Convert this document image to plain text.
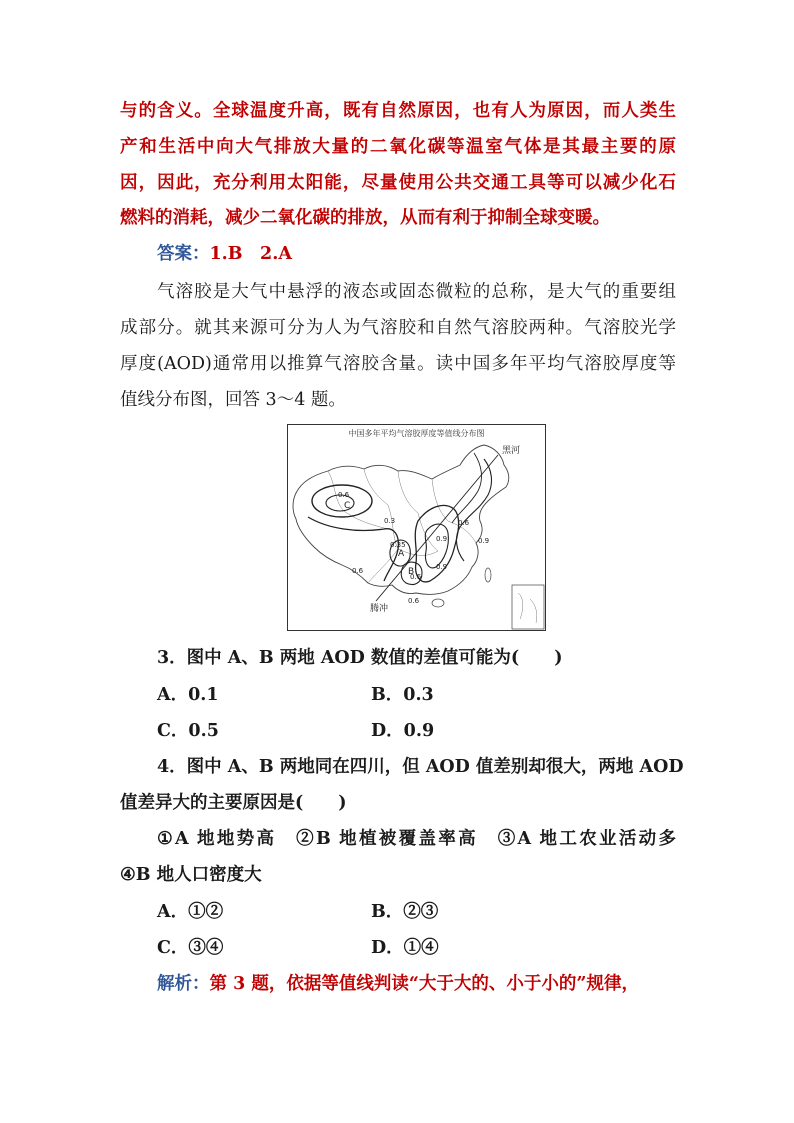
与的含义。全球温度升高，既有自然原因，也有人为原因，而人类生
产和生活中向大气排放大量的二氧化碳等温室气体是其最主要的原
因，因此，充分利用太阳能，尽量使用公共交通工具等可以减少化石
燃料的消耗，减少二氧化碳的排放，从而有利于抑制全球变暖。
答案：1.B　2.A
气溶胶是大气中悬浮的液态或固态微粒的总称，是大气的重要组
成部分。就其来源可分为人为气溶胶和自然气溶胶两种。气溶胶光学
厚度(AOD)通常用以推算气溶胶含量。读中国多年平均气溶胶厚度等
值线分布图，回答 3～4 题。
中国多年平均气溶胶厚度等值线分布图
黑河
腾冲
C
A
B
0.6
0.3	0.6
0.9
0.35	0.9
0.6
0.9
0.6
0.6
3．图中 A、B 两地 AOD 数值的差值可能为(　　)
A．0.1	B．0.3
C．0.5	D．0.9
4．图中 A、B 两地同在四川，但 AOD 值差别却很大，两地 AOD
值差异大的主要原因是(　　)
①A 地地势高　②B 地植被覆盖率高　③A 地工农业活动多
④B 地人口密度大
A．①②	B．②③
C．③④	D．①④
解析：第 3 题，依据等值线判读“大于大的、小于小的”规律，
